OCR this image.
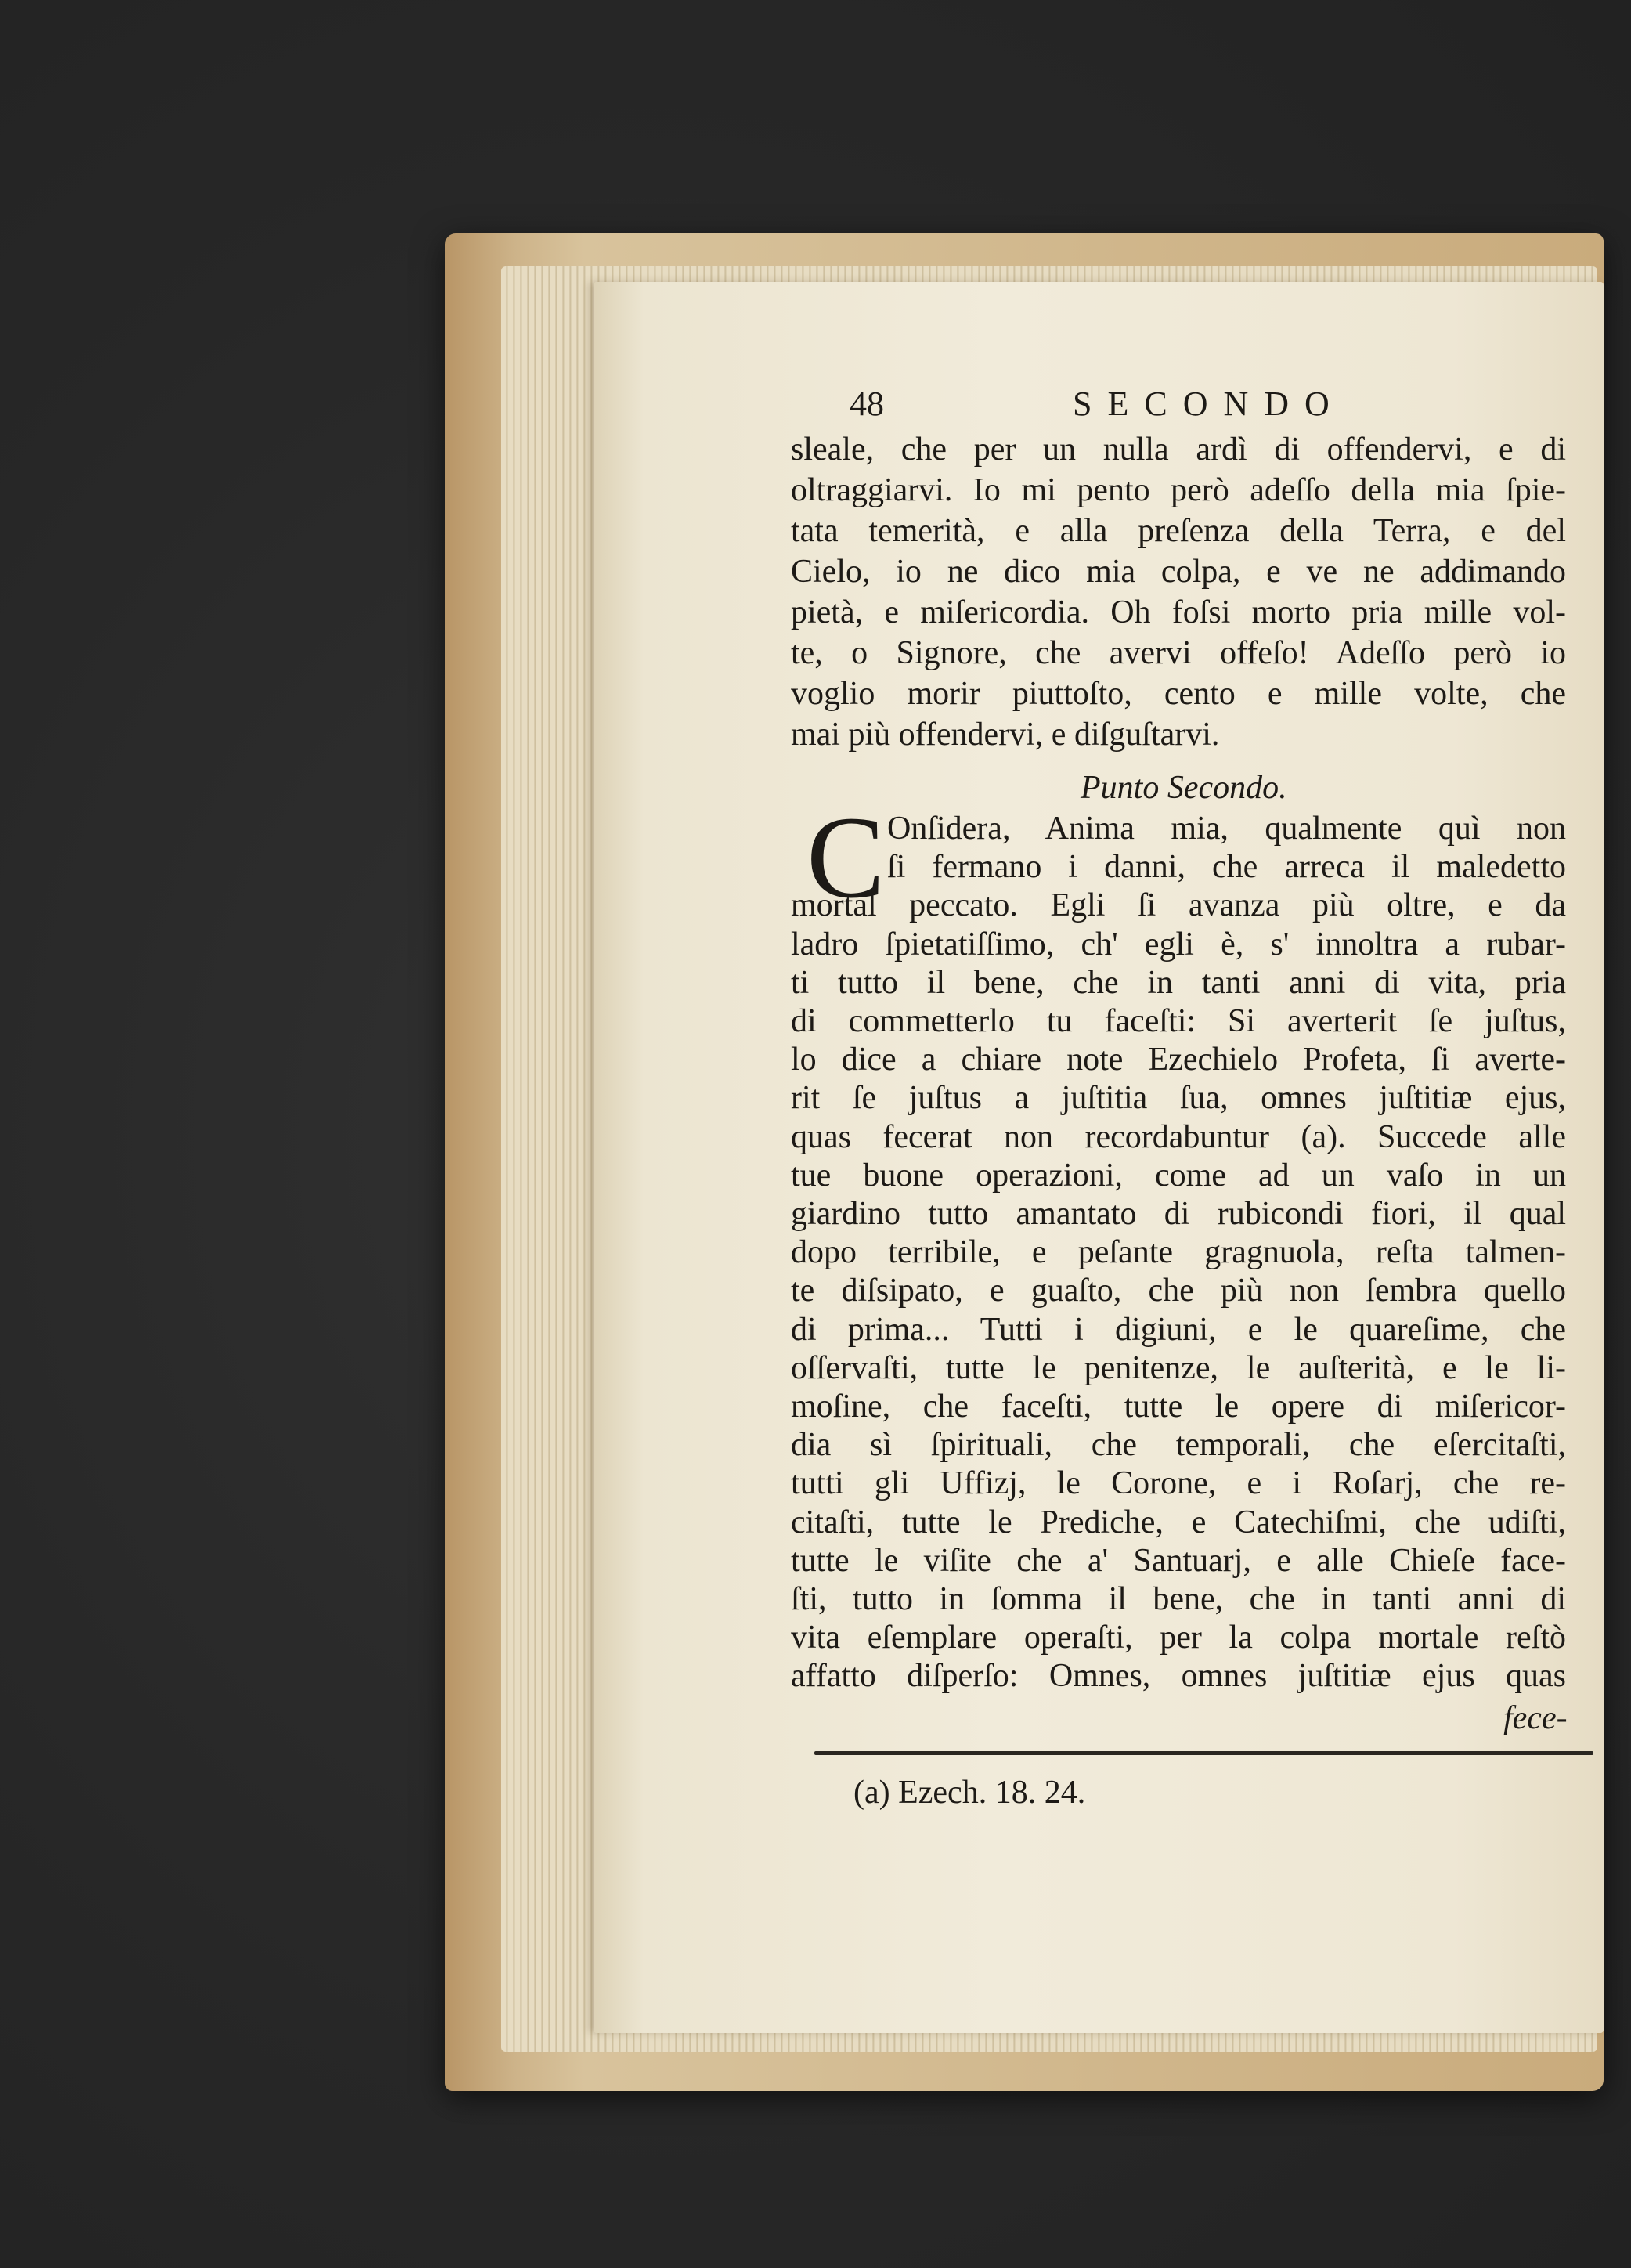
48	SECONDO
sleale, che per un nulla ardì di offendervi, e di
oltraggiarvi. Io mi pento però adeſſo della mia ſpie-
tata temerità, e alla preſenza della Terra, e del
Cielo, io ne dico mia colpa, e ve ne addimando
pietà, e miſericordia. Oh foſsi morto pria mille vol-
te, o Signore, che avervi offeſo! Adeſſo però io
voglio morir piuttoſto, cento e mille volte, che
mai più offendervi, e diſguſtarvi.
Punto Secondo.
C Onſidera, Anima mia, qualmente quì non
ſi fermano i danni, che arreca il maledetto
mortal peccato. Egli ſi avanza più oltre, e da
ladro ſpietatiſſimo, ch' egli è, s' innoltra a rubar-
ti tutto il bene, che in tanti anni di vita, pria
di commetterlo tu faceſti: Si averterit ſe juſtus,
lo dice a chiare note Ezechielo Profeta, ſi averte-
rit ſe juſtus a juſtitia ſua, omnes juſtitiæ ejus,
quas fecerat non recordabuntur (a). Succede alle
tue buone operazioni, come ad un vaſo in un
giardino tutto amantato di rubicondi fiori, il qual
dopo terribile, e peſante gragnuola, reſta talmen-
te diſsipato, e guaſto, che più non ſembra quello
di prima... Tutti i digiuni, e le quareſime, che
oſſervaſti, tutte le penitenze, le auſterità, e le li-
moſine, che faceſti, tutte le opere di miſericor-
dia sì ſpirituali, che temporali, che eſercitaſti,
tutti gli Uffizj, le Corone, e i Roſarj, che re-
citaſti, tutte le Prediche, e Catechiſmi, che udiſti,
tutte le viſite che a' Santuarj, e alle Chieſe face-
ſti, tutto in ſomma il bene, che in tanti anni di
vita eſemplare operaſti, per la colpa mortale reſtò
affatto diſperſo: Omnes, omnes juſtitiæ ejus quas
fece-
(a) Ezech. 18. 24.
